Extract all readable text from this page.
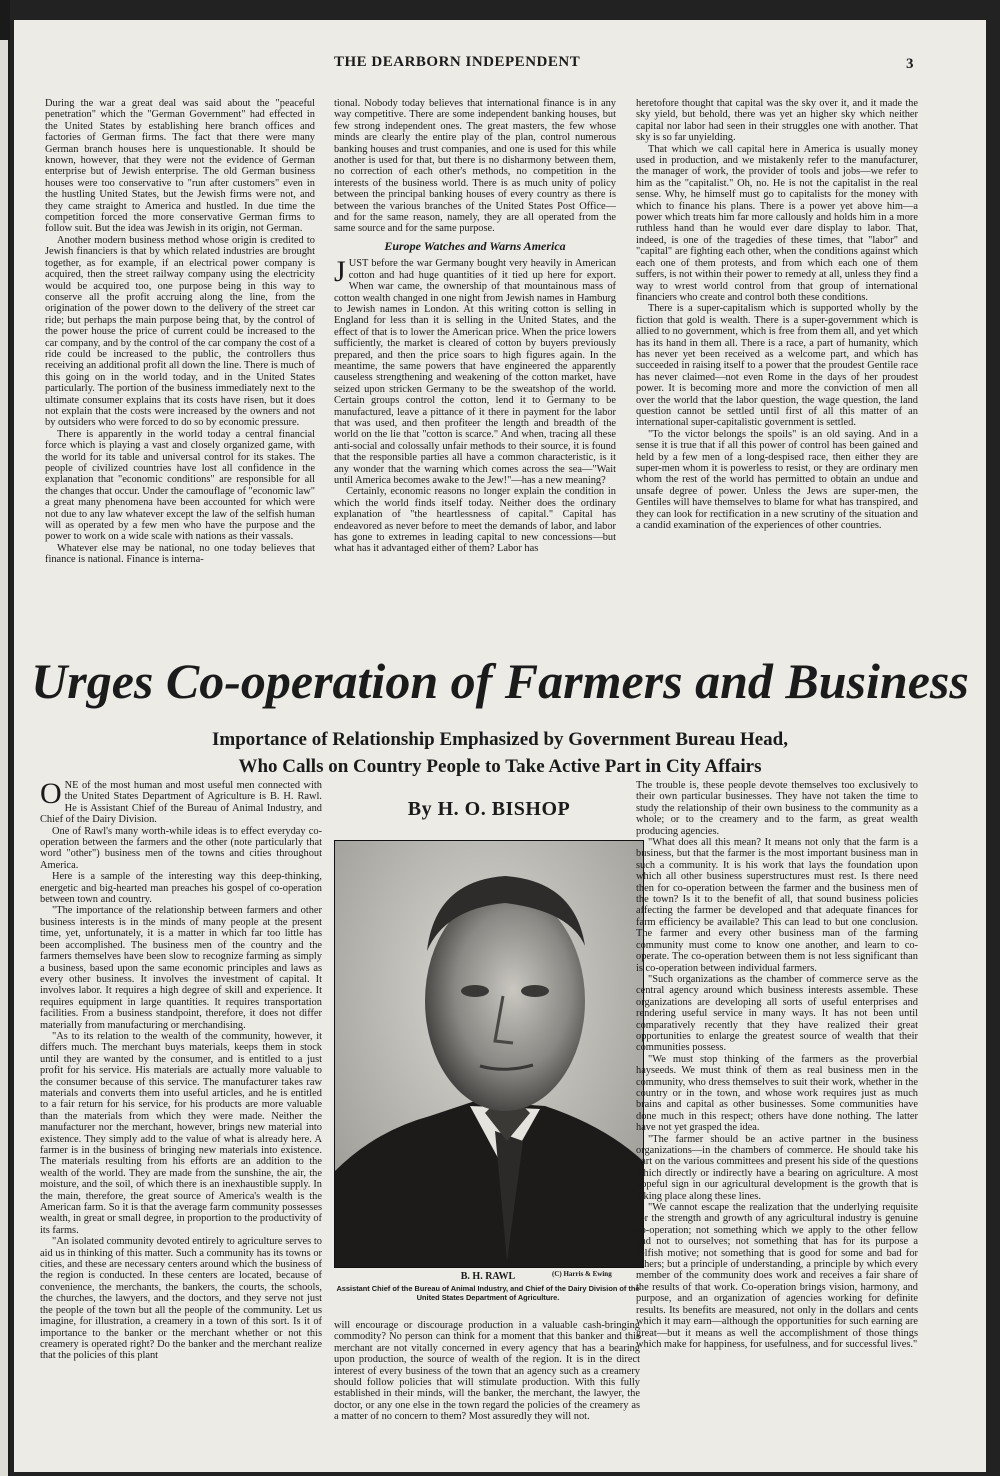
THE DEARBORN INDEPENDENT	3

During the war a great deal was said about the "peaceful penetration" which the "German Government" had effected in the United States by establishing here branch offices and factories of German firms. The fact that there were many German branch houses here is unquestionable. It should be known, however, that they were not the evidence of German enterprise but of Jewish enterprise. The old German business houses were too conservative to "run after customers" even in the hustling United States, but the Jewish firms were not, and they came straight to America and hustled. In due time the competition forced the more conservative German firms to follow suit. But the idea was Jewish in its origin, not German.

Another modern business method whose origin is credited to Jewish financiers is that by which related industries are brought together, as for example, if an electrical power company is acquired, then the street railway company using the electricity would be acquired too, one purpose being in this way to conserve all the profit accruing along the line, from the origination of the power down to the delivery of the street car ride; but perhaps the main purpose being that, by the control of the power house the price of current could be increased to the car company, and by the control of the car company the cost of a ride could be increased to the public, the controllers thus receiving an additional profit all down the line. There is much of this going on in the world today, and in the United States particularly. The portion of the business immediately next to the ultimate consumer explains that its costs have risen, but it does not explain that the costs were increased by the owners and not by outsiders who were forced to do so by economic pressure.

There is apparently in the world today a central financial force which is playing a vast and closely organized game, with the world for its table and universal control for its stakes. The people of civilized countries have lost all confidence in the explanation that "economic conditions" are responsible for all the changes that occur. Under the camouflage of "economic law" a great many phenomena have been accounted for which were not due to any law whatever except the law of the selfish human will as operated by a few men who have the purpose and the power to work on a wide scale with nations as their vassals.

Whatever else may be national, no one today believes that finance is national. Finance is interna-

tional. Nobody today believes that international finance is in any way competitive. There are some independent banking houses, but few strong independent ones. The great masters, the few whose minds are clearly the entire play of the plan, control numerous banking houses and trust companies, and one is used for this while another is used for that, but there is no disharmony between them, no correction of each other's methods, no competition in the interests of the business world. There is as much unity of policy between the principal banking houses of every country as there is between the various branches of the United States Post Office—and for the same reason, namely, they are all operated from the same source and for the same purpose.

Europe Watches and Warns America

JUST before the war Germany bought very heavily in American cotton and had huge quantities of it tied up here for export. When war came, the ownership of that mountainous mass of cotton wealth changed in one night from Jewish names in Hamburg to Jewish names in London. At this writing cotton is selling in England for less than it is selling in the United States, and the effect of that is to lower the American price. When the price lowers sufficiently, the market is cleared of cotton by buyers previously prepared, and then the price soars to high figures again. In the meantime, the same powers that have engineered the apparently causeless strengthening and weakening of the cotton market, have seized upon stricken Germany to be the sweatshop of the world. Certain groups control the cotton, lend it to Germany to be manufactured, leave a pittance of it there in payment for the labor that was used, and then profiteer the length and breadth of the world on the lie that "cotton is scarce." And when, tracing all these anti-social and colossally unfair methods to their source, it is found that the responsible parties all have a common characteristic, is it any wonder that the warning which comes across the sea—"Wait until America becomes awake to the Jew!"—has a new meaning?

Certainly, economic reasons no longer explain the condition in which the world finds itself today. Neither does the ordinary explanation of "the heartlessness of capital." Capital has endeavored as never before to meet the demands of labor, and labor has gone to extremes in leading capital to new concessions—but what has it advantaged either of them? Labor has

heretofore thought that capital was the sky over it, and it made the sky yield, but behold, there was yet an higher sky which neither capital nor labor had seen in their struggles one with another. That sky is so far unyielding.

That which we call capital here in America is usually money used in production, and we mistakenly refer to the manufacturer, the manager of work, the provider of tools and jobs—we refer to him as the "capitalist." Oh, no. He is not the capitalist in the real sense. Why, he himself must go to capitalists for the money with which to finance his plans. There is a power yet above him—a power which treats him far more callously and holds him in a more ruthless hand than he would ever dare display to labor. That, indeed, is one of the tragedies of these times, that "labor" and "capital" are fighting each other, when the conditions against which each one of them protests, and from which each one of them suffers, is not within their power to remedy at all, unless they find a way to wrest world control from that group of international financiers who create and control both these conditions.

There is a super-capitalism which is supported wholly by the fiction that gold is wealth. There is a super-government which is allied to no government, which is free from them all, and yet which has its hand in them all. There is a race, a part of humanity, which has never yet been received as a welcome part, and which has succeeded in raising itself to a power that the proudest Gentile race has never claimed—not even Rome in the days of her proudest power. It is becoming more and more the conviction of men all over the world that the labor question, the wage question, the land question cannot be settled until first of all this matter of an international super-capitalistic government is settled.

"To the victor belongs the spoils" is an old saying. And in a sense it is true that if all this power of control has been gained and held by a few men of a long-despised race, then either they are super-men whom it is powerless to resist, or they are ordinary men whom the rest of the world has permitted to obtain an undue and unsafe degree of power. Unless the Jews are super-men, the Gentiles will have themselves to blame for what has transpired, and they can look for rectification in a new scrutiny of the situation and a candid examination of the experiences of other countries.

Urges Co-operation of Farmers and Business
Importance of Relationship Emphasized by Government Bureau Head,
Who Calls on Country People to Take Active Part in City Affairs
By H. O. BISHOP
B. H. RAWL	(C) Harris & Ewing
Assistant Chief of the Bureau of Animal Industry, and Chief of the Dairy Division of the United States Department of Agriculture.

ONE of the most human and most useful men connected with the United States Department of Agriculture is B. H. Rawl. He is Assistant Chief of the Bureau of Animal Industry, and Chief of the Dairy Division.

One of Rawl's many worth-while ideas is to effect everyday co-operation between the farmers and the other (note particularly that word "other") business men of the towns and cities throughout America.

Here is a sample of the interesting way this deep-thinking, energetic and big-hearted man preaches his gospel of co-operation between town and country.

"The importance of the relationship between farmers and other business interests is in the minds of many people at the present time, yet, unfortunately, it is a matter in which far too little has been accomplished. The business men of the country and the farmers themselves have been slow to recognize farming as simply a business, based upon the same economic principles and laws as every other business. It involves the investment of capital. It involves labor. It requires a high degree of skill and experience. It requires equipment in large quantities. It requires transportation facilities. From a business standpoint, therefore, it does not differ materially from manufacturing or merchandising.

"As to its relation to the wealth of the community, however, it differs much. The merchant buys materials, keeps them in stock until they are wanted by the consumer, and is entitled to a just profit for his service. His materials are actually more valuable to the consumer because of this service. The manufacturer takes raw materials and converts them into useful articles, and he is entitled to a fair return for his service, for his products are more valuable than the materials from which they were made. Neither the manufacturer nor the merchant, however, brings new material into existence. They simply add to the value of what is already here. A farmer is in the business of bringing new materials into existence. The materials resulting from his efforts are an addition to the wealth of the world. They are made from the sunshine, the air, the moisture, and the soil, of which there is an inexhaustible supply. In the main, therefore, the great source of America's wealth is the American farm. So it is that the average farm community possesses wealth, in great or small degree, in proportion to the productivity of its farms.

"An isolated community devoted entirely to agriculture serves to aid us in thinking of this matter. Such a community has its towns or cities, and these are necessary centers around which the business of the region is conducted. In these centers are located, because of convenience, the merchants, the bankers, the courts, the schools, the churches, the lawyers, and the doctors, and they serve not just the people of the town but all the people of the community. Let us imagine, for illustration, a creamery in a town of this sort. Is it of importance to the banker or the merchant whether or not this creamery is operated right? Do the banker and the merchant realize that the policies of this plant

will encourage or discourage production in a valuable cash-bringing commodity? No person can think for a moment that this banker and this merchant are not vitally concerned in every agency that has a bearing upon production, the source of wealth of the region. It is in the direct interest of every business of the town that an agency such as a creamery should follow policies that will stimulate production. With this fully established in their minds, will the banker, the merchant, the lawyer, the doctor, or any one else in the town regard the policies of the creamery as a matter of no concern to them? Most assuredly they will not.

The trouble is, these people devote themselves too exclusively to their own particular businesses. They have not taken the time to study the relationship of their own business to the community as a whole; or to the creamery and to the farm, as great wealth producing agencies.

"What does all this mean? It means not only that the farm is a business, but that the farmer is the most important business man in such a community. It is his work that lays the foundation upon which all other business superstructures must rest. Is there need then for co-operation between the farmer and the business men of the town? Is it to the benefit of all, that sound business policies affecting the farmer be developed and that adequate finances for farm efficiency be available? This can lead to but one conclusion. The farmer and every other business man of the farming community must come to know one another, and learn to co-operate. The co-operation between them is not less significant than is co-operation between individual farmers.

"Such organizations as the chamber of commerce serve as the central agency around which business interests assemble. These organizations are developing all sorts of useful enterprises and rendering useful service in many ways. It has not been until comparatively recently that they have realized their great opportunities to enlarge the greatest source of wealth that their communities possess.

"We must stop thinking of the farmers as the proverbial hayseeds. We must think of them as real business men in the community, who dress themselves to suit their work, whether in the country or in the town, and whose work requires just as much brains and capital as other businesses. Some communities have done much in this respect; others have done nothing. The latter have not yet grasped the idea.

"The farmer should be an active partner in the business organizations—in the chambers of commerce. He should take his part on the various committees and present his side of the questions which directly or indirectly have a bearing on agriculture. A most hopeful sign in our agricultural development is the growth that is taking place along these lines.

"We cannot escape the realization that the underlying requisite for the strength and growth of any agricultural industry is genuine co-operation; not something which we apply to the other fellow and not to ourselves; not something that has for its purpose a selfish motive; not something that is good for some and bad for others; but a principle of understanding, a principle by which every member of the community does work and receives a fair share of the results of that work. Co-operation brings vision, harmony, and purpose, and an organization of agencies working for definite results. Its benefits are measured, not only in the dollars and cents which it may earn—although the opportunities for such earning are great—but it means as well the accomplishment of those things which make for happiness, for usefulness, and for successful lives."
